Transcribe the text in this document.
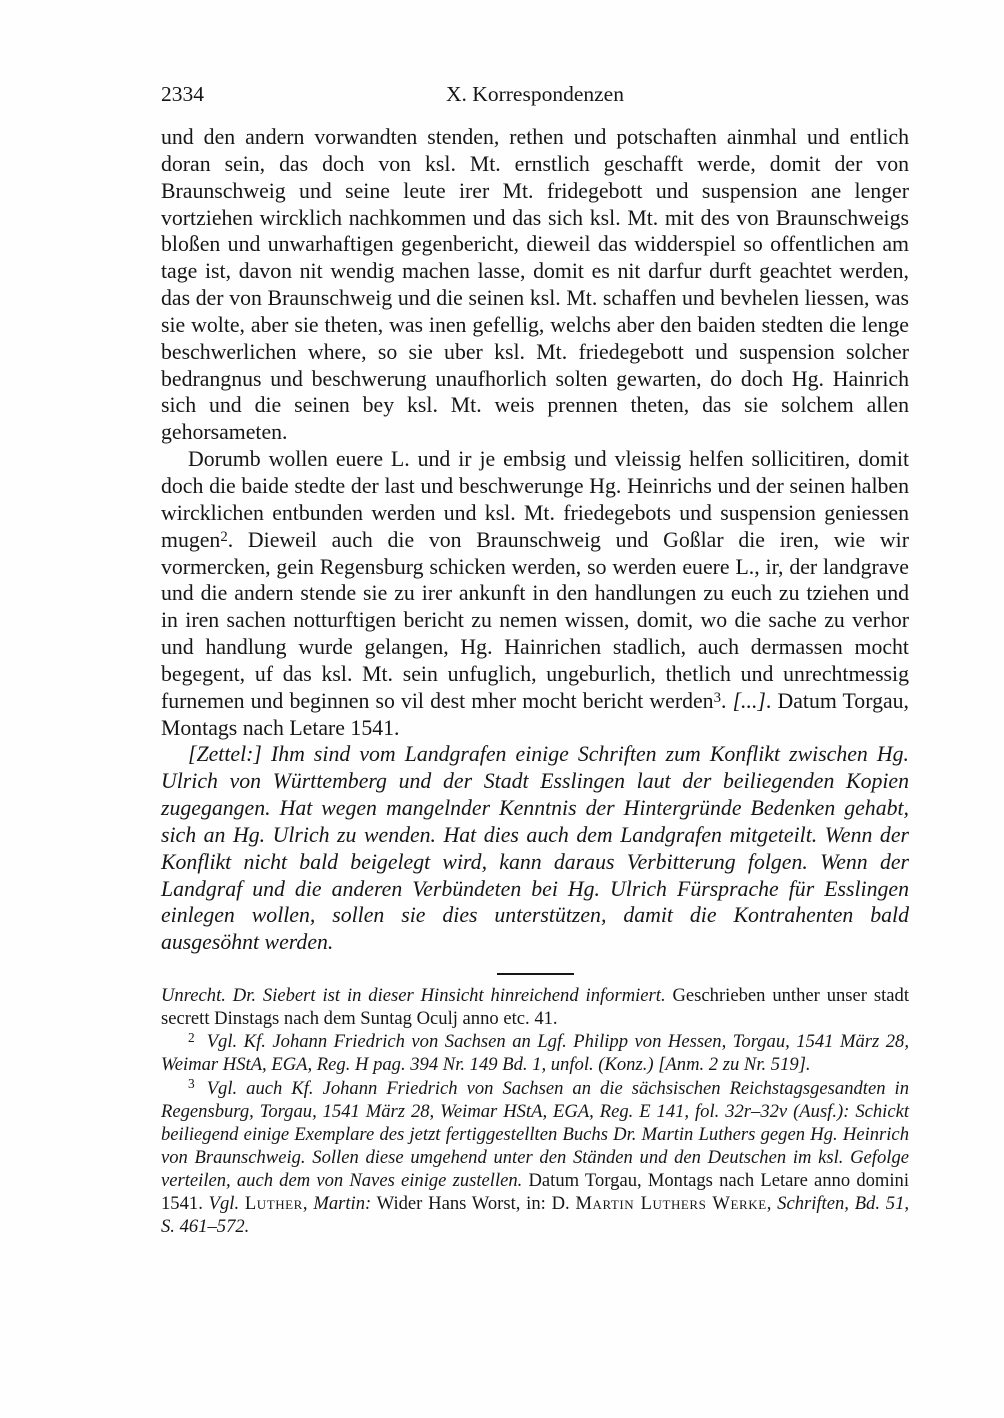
2334	X. Korrespondenzen

und den andern vorwandten stenden, rethen und potschaften ainmhal und entlich doran sein, das doch von ksl. Mt. ernstlich geschafft werde, domit der von Braunschweig und seine leute irer Mt. fridegebott und suspension ane lenger vortziehen wircklich nachkommen und das sich ksl. Mt. mit des von Braunschweigs bloßen und unwarhaftigen gegenbericht, dieweil das widderspiel so offentlichen am tage ist, davon nit wendig machen lasse, domit es nit darfur durft geachtet werden, das der von Braunschweig und die seinen ksl. Mt. schaffen und bevhelen liessen, was sie wolte, aber sie theten, was inen gefellig, welchs aber den baiden stedten die lenge beschwerlichen where, so sie uber ksl. Mt. friedegebott und suspension solcher bedrangnus und beschwerung unaufhorlich solten gewarten, do doch Hg. Hainrich sich und die seinen bey ksl. Mt. weis prennen theten, das sie solchem allen gehorsameten.

Dorumb wollen euere L. und ir je embsig und vleissig helfen sollicitiren, domit doch die baide stedte der last und beschwerunge Hg. Heinrichs und der seinen halben wircklichen entbunden werden und ksl. Mt. friedegebots und suspension geniessen mugen$^2$. Dieweil auch die von Braunschweig und Goßlar die iren, wie wir vormercken, gein Regensburg schicken werden, so werden euere L., ir, der landgrave und die andern stende sie zu irer ankunft in den handlungen zu euch zu tziehen und in iren sachen notturftigen bericht zu nemen wissen, domit, wo die sache zu verhor und handlung wurde gelangen, Hg. Hainrichen stadlich, auch dermassen mocht begegent, uf das ksl. Mt. sein unfuglich, ungeburlich, thetlich und unrechtmessig furnemen und beginnen so vil dest mher mocht bericht werden$^3$. [...]. Datum Torgau, Montags nach Letare 1541.

[Zettel:] Ihm sind vom Landgrafen einige Schriften zum Konflikt zwischen Hg. Ulrich von Württemberg und der Stadt Esslingen laut der beiliegenden Kopien zugegangen. Hat wegen mangelnder Kenntnis der Hintergründe Bedenken gehabt, sich an Hg. Ulrich zu wenden. Hat dies auch dem Landgrafen mitgeteilt. Wenn der Konflikt nicht bald beigelegt wird, kann daraus Verbitterung folgen. Wenn der Landgraf und die anderen Verbündeten bei Hg. Ulrich Fürsprache für Esslingen einlegen wollen, sollen sie dies unterstützen, damit die Kontrahenten bald ausgesöhnt werden.

Unrecht. Dr. Siebert ist in dieser Hinsicht hinreichend informiert. Geschrieben unther unser stadt secrett Dinstags nach dem Suntag Oculj anno etc. 41.

$^2$ Vgl. Kf. Johann Friedrich von Sachsen an Lgf. Philipp von Hessen, Torgau, 1541 März 28, Weimar HStA, EGA, Reg. H pag. 394 Nr. 149 Bd. 1, unfol. (Konz.) [Anm. 2 zu Nr. 519].

$^3$ Vgl. auch Kf. Johann Friedrich von Sachsen an die sächsischen Reichstagsgesandten in Regensburg, Torgau, 1541 März 28, Weimar HStA, EGA, Reg. E 141, fol. 32r–32v (Ausf.): Schickt beiliegend einige Exemplare des jetzt fertiggestellten Buchs Dr. Martin Luthers gegen Hg. Heinrich von Braunschweig. Sollen diese umgehend unter den Ständen und den Deutschen im ksl. Gefolge verteilen, auch dem von Naves einige zustellen. Datum Torgau, Montags nach Letare anno domini 1541. Vgl. Luther, Martin: Wider Hans Worst, in: D. Martin Luthers Werke, Schriften, Bd. 51, S. 461–572.
